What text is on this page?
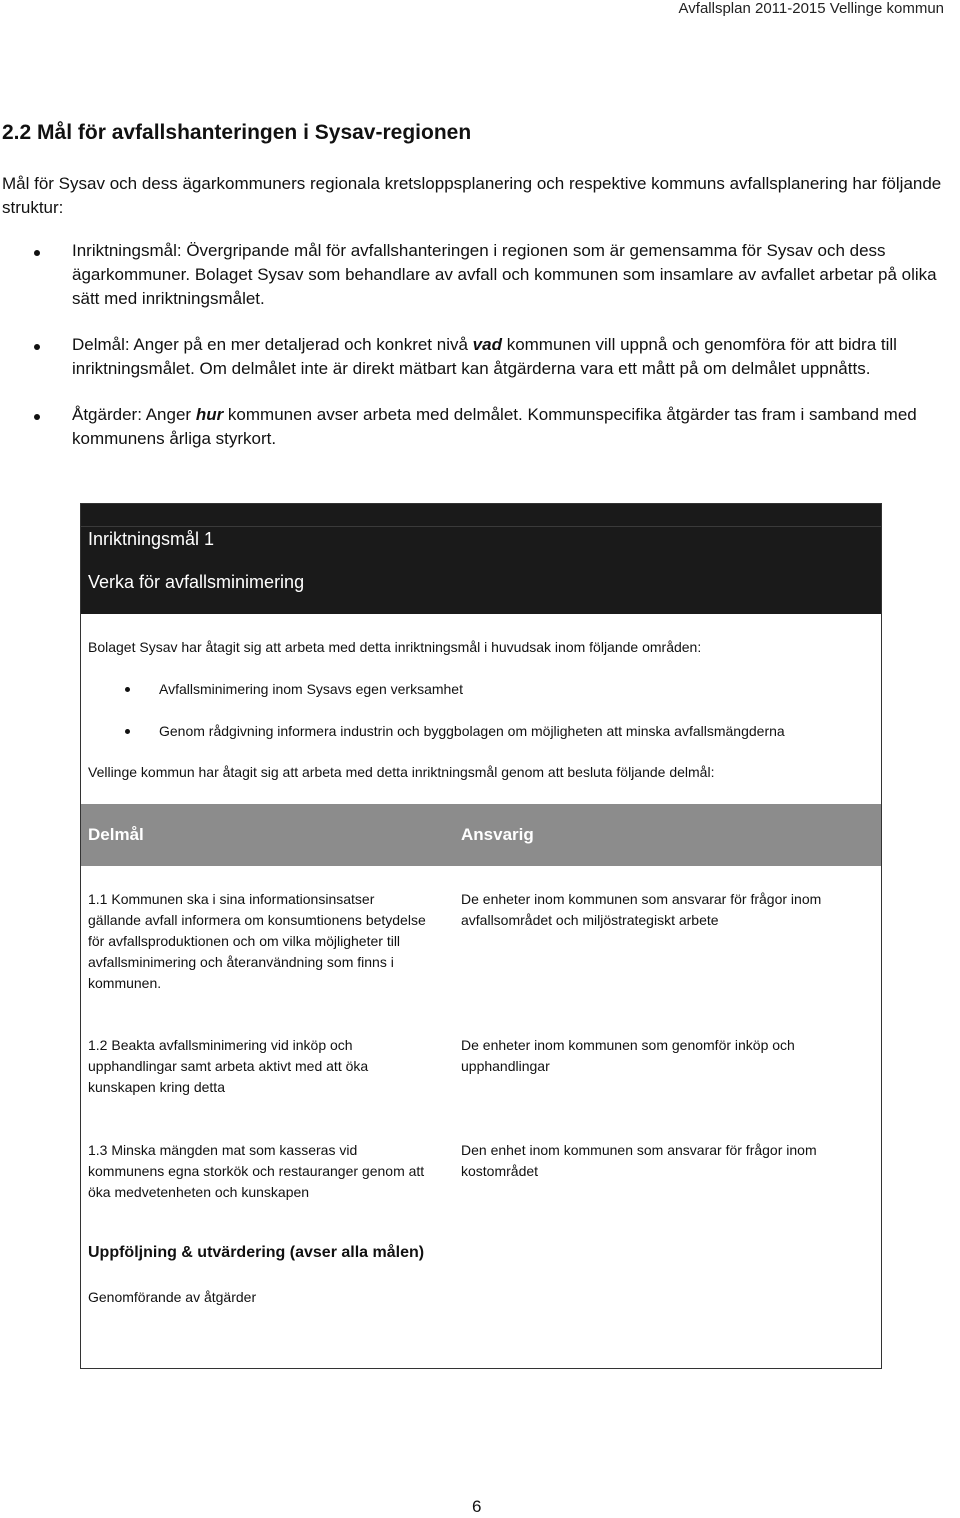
Avfallsplan 2011-2015 Vellinge kommun
2.2 Mål för avfallshanteringen i Sysav-regionen

Mål för Sysav och dess ägarkommuners regionala kretsloppsplanering och respektive kommuns avfallsplanering har följande struktur:

Inriktningsmål: Övergripande mål för avfallshanteringen i regionen som är gemensamma för Sysav och dess ägarkommuner. Bolaget Sysav som behandlare av avfall och kommunen som insamlare av avfallet arbetar på olika sätt med inriktningsmålet.
Delmål: Anger på en mer detaljerad och konkret nivå vad kommunen vill uppnå och genomföra för att bidra till inriktningsmålet. Om delmålet inte är direkt mätbart kan åtgärderna vara ett mått på om delmålet uppnåtts.
Åtgärder: Anger hur kommunen avser arbeta med delmålet. Kommunspecifika åtgärder tas fram i samband med kommunens årliga styrkort.
Inriktningsmål 1
Verka för avfallsminimering

Bolaget Sysav har åtagit sig att arbeta med detta inriktningsmål i huvudsak inom följande områden:

Avfallsminimering inom Sysavs egen verksamhet
Genom rådgivning informera industrin och byggbolagen om möjligheten att minska avfallsmängderna

Vellinge kommun har åtagit sig att arbeta med detta inriktningsmål genom att besluta följande delmål:

Delmål	Ansvarig
1.1 Kommunen ska i sina informationsinsatser gällande avfall informera om konsumtionens betydelse för avfallsproduktionen och om vilka möjligheter till avfallsminimering och återanvändning som finns i kommunen.
De enheter inom kommunen som ansvarar för frågor inom avfallsområdet och miljöstrategiskt arbete
1.2 Beakta avfallsminimering vid inköp och upphandlingar samt arbeta aktivt med att öka kunskapen kring detta
De enheter inom kommunen som genomför inköp och upphandlingar
1.3 Minska mängden mat som kasseras vid kommunens egna storkök och restauranger genom att öka medvetenheten och kunskapen
Den enhet inom kommunen som ansvarar för frågor inom kostområdet
Uppföljning & utvärdering (avser alla målen)
Genomförande av åtgärder
6
